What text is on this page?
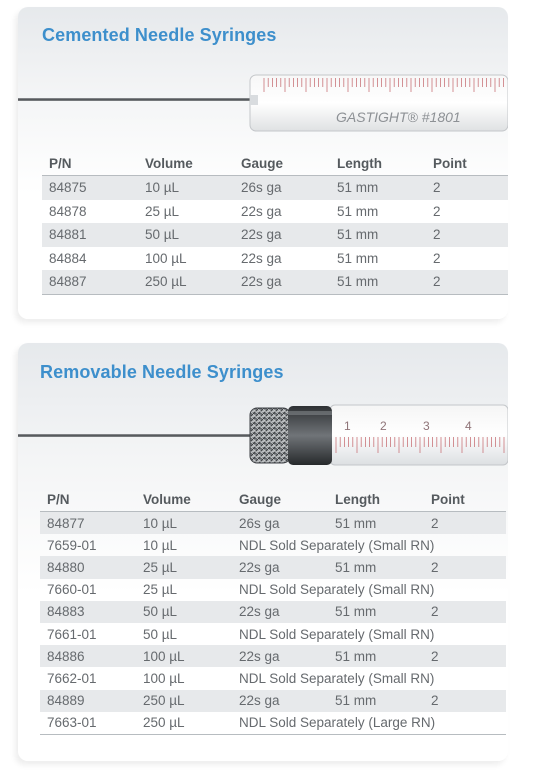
Cemented Needle Syringes
GASTIGHT® #1801
P/N	Volume	Gauge	Length	Point
84875	10 µL	26s ga	51 mm	2
84878	25 µL	22s ga	51 mm	2
84881	50 µL	22s ga	51 mm	2
84884	100 µL	22s ga	51 mm	2
84887	250 µL	22s ga	51 mm	2
Removable Needle Syringes
1 2	3	4
P/N	Volume	Gauge	Length	Point
84877	10 µL	26s ga	51 mm	2
7659-01	10 µL	NDL Sold Separately (Small RN)		
84880	25 µL	22s ga	51 mm	2
7660-01	25 µL	NDL Sold Separately (Small RN)		
84883	50 µL	22s ga	51 mm	2
7661-01	50 µL	NDL Sold Separately (Small RN)		
84886	100 µL	22s ga	51 mm	2
7662-01	100 µL	NDL Sold Separately (Small RN)		
84889	250 µL	22s ga	51 mm	2
7663-01	250 µL	NDL Sold Separately (Large RN)		
